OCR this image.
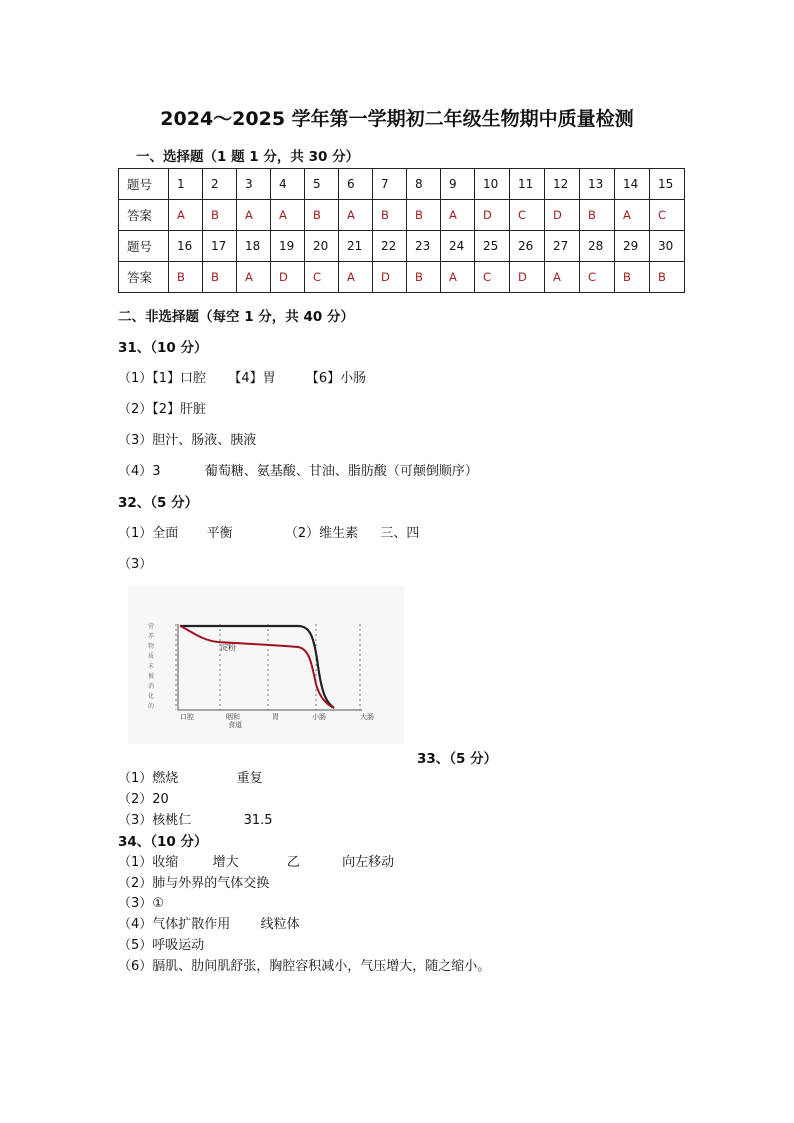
2024～2025 学年第一学期初二年级生物期中质量检测
一、选择题（1 题 1 分，共 30 分）
题号	1	2	3	4	5	6	7	8	9	10	11	12	13	14	15
答案	A	B	A	A	B	A	B	B	A	D	C	D	B	A	C
题号	16	17	18	19	20	21	22	23	24	25	26	27	28	29	30
答案	B	B	A	D	C	A	D	B	A	C	D	A	C	B	B
二、非选择题（每空 1 分，共 40 分）
31、（10 分）
（1）【1】口腔 【4】胃 【6】小肠
（2）【2】肝脏
（3）胆汁、肠液、胰液
（4）3	葡萄糖、氨基酸、甘油、脂肪酸（可颠倒顺序）
32、（5 分）
（1）全面 平衡	（2）维生素 三、四
（3）
营
养
物
质
未
被
消
化
的
淀粉
口腔	咽和	胃	小肠	大肠
食道
33、（5 分）
（1）燃烧	重复
（2）20
（3）核桃仁	31.5
34、（10 分）
（1）收缩	增大	乙	向左移动
（2）肺与外界的气体交换
（3）①
（4）气体扩散作用 线粒体
（5）呼吸运动
（6）膈肌、肋间肌舒张，胸腔容积减小，气压增大，随之缩小。
